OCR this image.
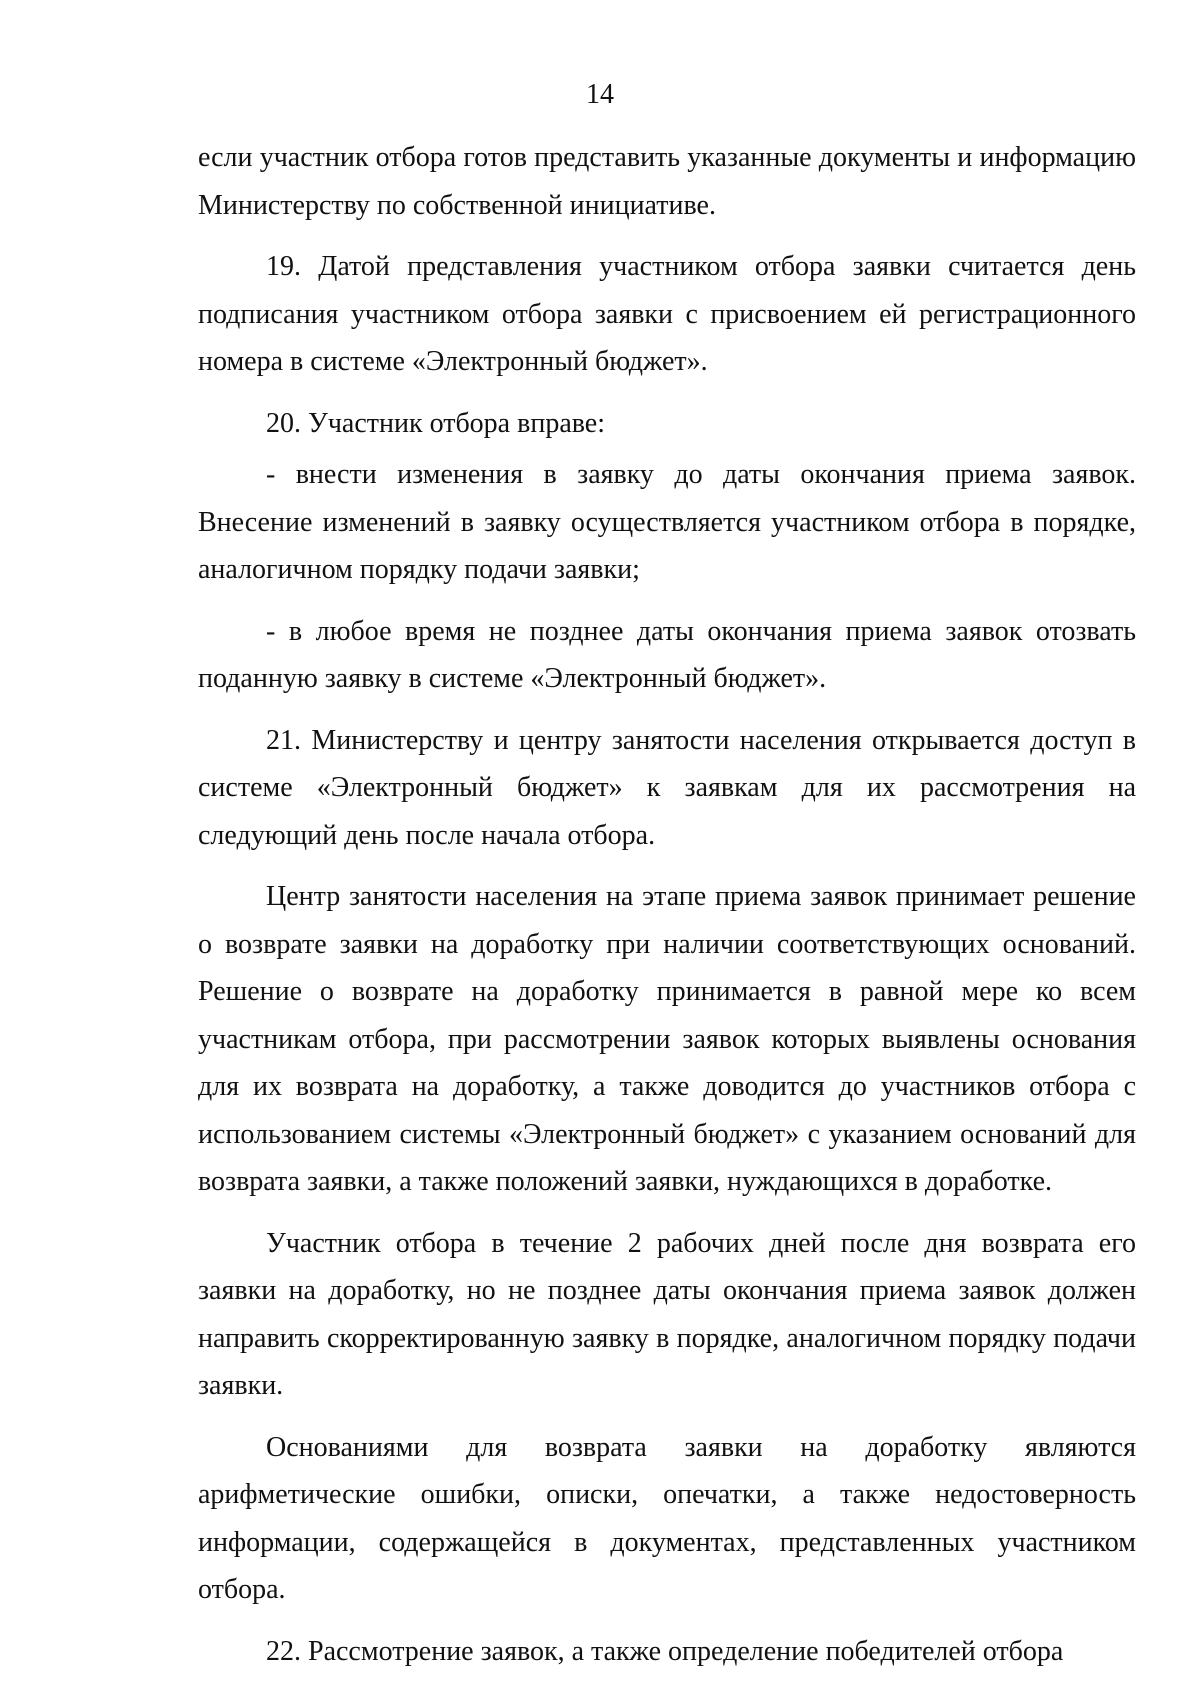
14

если участник отбора готов представить указанные документы и информацию Министерству по собственной инициативе.

19. Датой представления участником отбора заявки считается день подписания участником отбора заявки с присвоением ей регистрационного номера в системе «Электронный бюджет».

20. Участник отбора вправе:

- внести изменения в заявку до даты окончания приема заявок. Внесение изменений в заявку осуществляется участником отбора в порядке, аналогичном порядку подачи заявки;

- в любое время не позднее даты окончания приема заявок отозвать поданную заявку в системе «Электронный бюджет».

21. Министерству и центру занятости населения открывается доступ в системе «Электронный бюджет» к заявкам для их рассмотрения на следующий день после начала отбора.

Центр занятости населения на этапе приема заявок принимает решение о возврате заявки на доработку при наличии соответствующих оснований. Решение о возврате на доработку принимается в равной мере ко всем участникам отбора, при рассмотрении заявок которых выявлены основания для их возврата на доработку, а также доводится до участников отбора с использованием системы «Электронный бюджет» с указанием оснований для возврата заявки, а также положений заявки, нуждающихся в доработке.

Участник отбора в течение 2 рабочих дней после дня возврата его заявки на доработку, но не позднее даты окончания приема заявок должен направить скорректированную заявку в порядке, аналогичном порядку подачи заявки.

Основаниями для возврата заявки на доработку являются арифметические ошибки, описки, опечатки, а также недостоверность информации, содержащейся в документах, представленных участником отбора.

22. Рассмотрение заявок, а также определение победителей отбора
